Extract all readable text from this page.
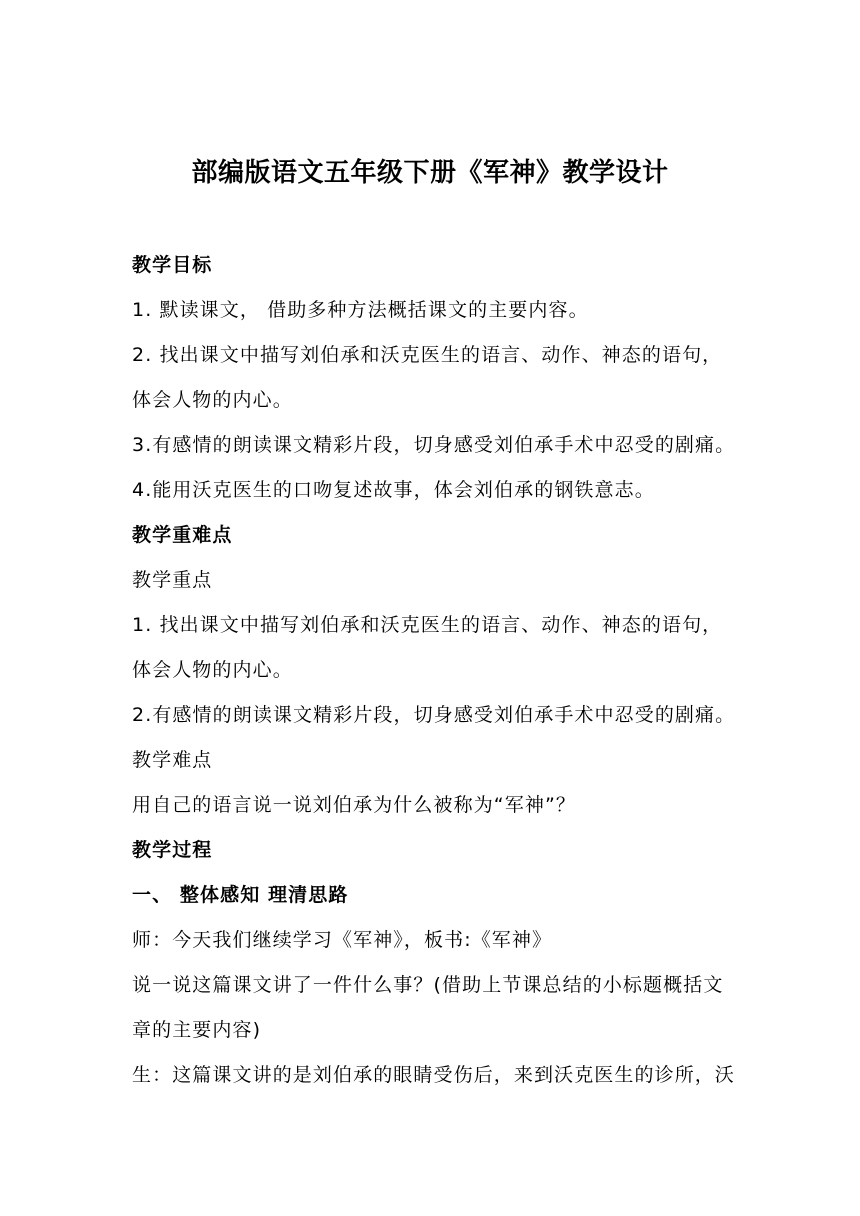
部编版语文五年级下册《军神》教学设计
教学目标
1. 默读课文， 借助多种方法概括课文的主要内容。
2. 找出课文中描写刘伯承和沃克医生的语言、动作、神态的语句，
体会人物的内心。
3.有感情的朗读课文精彩片段，切身感受刘伯承手术中忍受的剧痛。
4.能用沃克医生的口吻复述故事，体会刘伯承的钢铁意志。
教学重难点
教学重点
1. 找出课文中描写刘伯承和沃克医生的语言、动作、神态的语句，
体会人物的内心。
2.有感情的朗读课文精彩片段，切身感受刘伯承手术中忍受的剧痛。
教学难点
用自己的语言说一说刘伯承为什么被称为“军神”？
教学过程
一、 整体感知 理清思路
师：今天我们继续学习《军神》，板书:《军神》
说一说这篇课文讲了一件什么事？(借助上节课总结的小标题概括文
章的主要内容)
生：这篇课文讲的是刘伯承的眼睛受伤后，来到沃克医生的诊所，沃
